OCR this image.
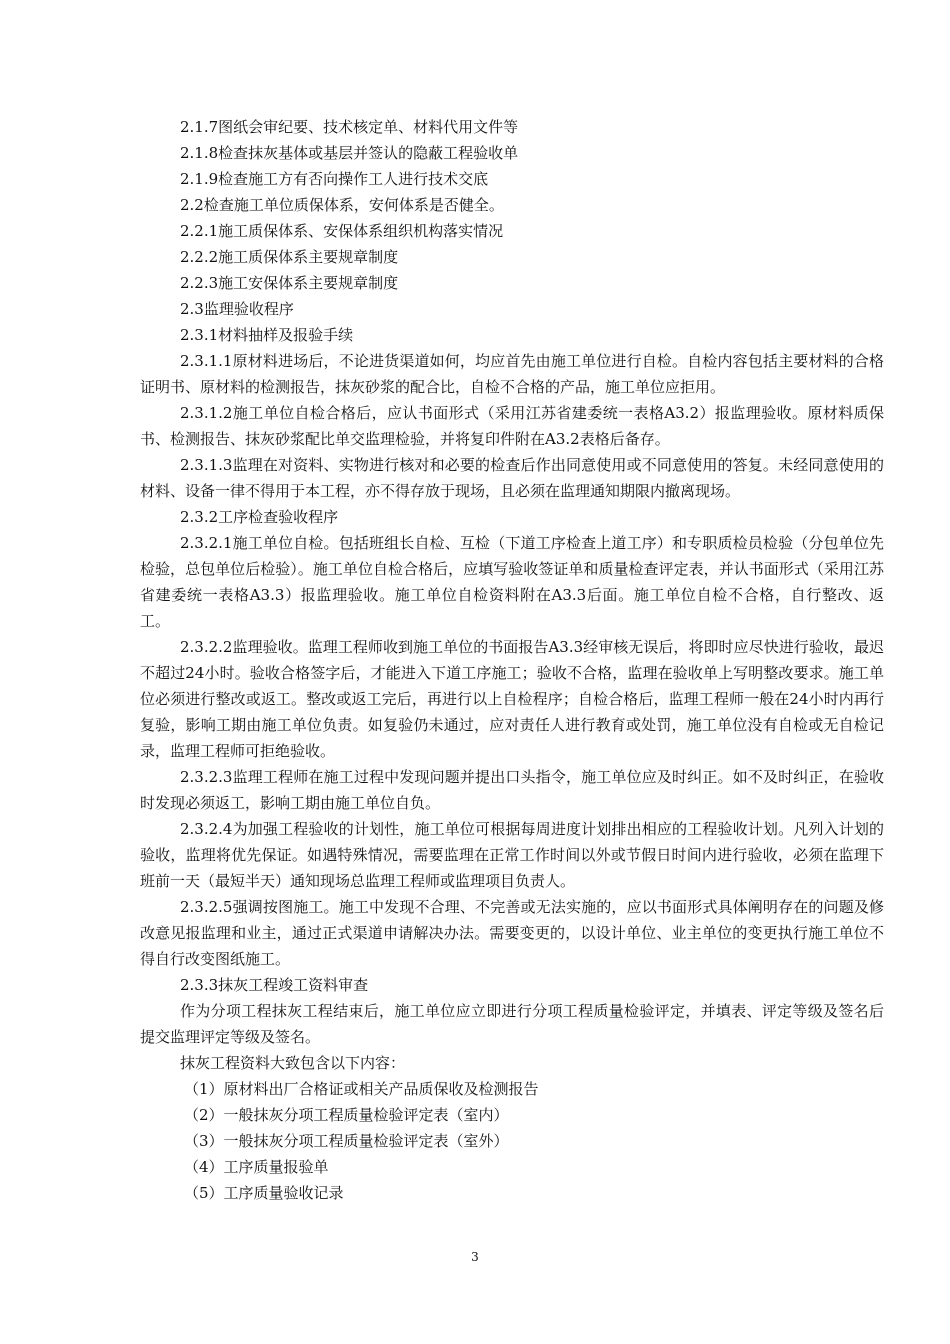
2.1.7图纸会审纪要、技术核定单、材料代用文件等

2.1.8检查抹灰基体或基层并签认的隐蔽工程验收单

2.1.9检查施工方有否向操作工人进行技术交底

2.2检查施工单位质保体系，安何体系是否健全。

2.2.1施工质保体系、安保体系组织机构落实情况

2.2.2施工质保体系主要规章制度

2.2.3施工安保体系主要规章制度

2.3监理验收程序

2.3.1材料抽样及报验手续

2.3.1.1原材料进场后，不论进货渠道如何，均应首先由施工单位进行自检。自检内容包括主要材料的合格证明书、原材料的检测报告，抹灰砂浆的配合比，自检不合格的产品，施工单位应拒用。

2.3.1.2施工单位自检合格后，应认书面形式（采用江苏省建委统一表格A3.2）报监理验收。原材料质保书、检测报告、抹灰砂浆配比单交监理检验，并将复印件附在A3.2表格后备存。

2.3.1.3监理在对资料、实物进行核对和必要的检查后作出同意使用或不同意使用的答复。未经同意使用的材料、设备一律不得用于本工程，亦不得存放于现场，且必须在监理通知期限内撤离现场。

2.3.2工序检查验收程序

2.3.2.1施工单位自检。包括班组长自检、互检（下道工序检查上道工序）和专职质检员检验（分包单位先检验，总包单位后检验）。施工单位自检合格后，应填写验收签证单和质量检查评定表，并认书面形式（采用江苏省建委统一表格A3.3）报监理验收。施工单位自检资料附在A3.3后面。施工单位自检不合格，自行整改、返工。

2.3.2.2监理验收。监理工程师收到施工单位的书面报告A3.3经审核无误后，将即时应尽快进行验收，最迟不超过24小时。验收合格签字后，才能进入下道工序施工；验收不合格，监理在验收单上写明整改要求。施工单位必须进行整改或返工。整改或返工完后，再进行以上自检程序；自检合格后，监理工程师一般在24小时内再行复验，影响工期由施工单位负责。如复验仍未通过，应对责任人进行教育或处罚，施工单位没有自检或无自检记录，监理工程师可拒绝验收。

2.3.2.3监理工程师在施工过程中发现问题并提出口头指令，施工单位应及时纠正。如不及时纠正，在验收时发现必须返工，影响工期由施工单位自负。

2.3.2.4为加强工程验收的计划性，施工单位可根据每周进度计划排出相应的工程验收计划。凡列入计划的验收，监理将优先保证。如遇特殊情况，需要监理在正常工作时间以外或节假日时间内进行验收，必须在监理下班前一天（最短半天）通知现场总监理工程师或监理项目负责人。

2.3.2.5强调按图施工。施工中发现不合理、不完善或无法实施的，应以书面形式具体阐明存在的问题及修改意见报监理和业主，通过正式渠道申请解决办法。需要变更的，以设计单位、业主单位的变更执行施工单位不得自行改变图纸施工。

2.3.3抹灰工程竣工资料审查

作为分项工程抹灰工程结束后，施工单位应立即进行分项工程质量检验评定，并填表、评定等级及签名后提交监理评定等级及签名。

抹灰工程资料大致包含以下内容：

（1）原材料出厂合格证或相关产品质保收及检测报告

（2）一般抹灰分项工程质量检验评定表（室内）

（3）一般抹灰分项工程质量检验评定表（室外）

（4）工序质量报验单

（5）工序质量验收记录

3
